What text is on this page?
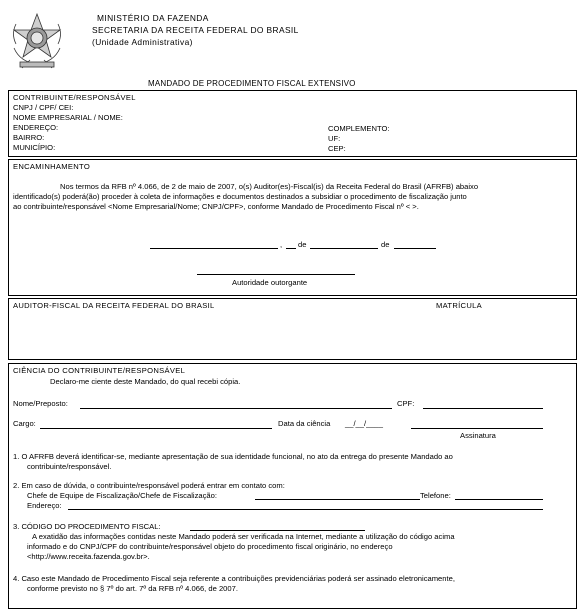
MINISTÉRIO DA FAZENDA
SECRETARIA DA RECEITA FEDERAL DO BRASIL
(Unidade Administrativa)
MANDADO DE PROCEDIMENTO FISCAL EXTENSIVO
CONTRIBUINTE/RESPONSÁVEL
CNPJ / CPF/ CEI:
NOME EMPRESARIAL / NOME:
ENDEREÇO:
BAIRRO:
MUNICÍPIO:
COMPLEMENTO:
UF:
CEP:
ENCAMINHAMENTO
Nos termos da RFB nº 4.066, de 2 de maio de 2007, o(s) Auditor(es)-Fiscal(is) da Receita Federal do Brasil (AFRFB) abaixo
identificado(s) poderá(ão) proceder à coleta de informações e documentos destinados a subsidiar o procedimento de fiscalização junto
ao contribuinte/responsável <Nome Empresarial/Nome; CNPJ/CPF>, conforme Mandado de Procedimento Fiscal nº < >.
, de	de
Autoridade outorgante
AUDITOR-FISCAL DA RECEITA FEDERAL DO BRASIL	MATRÍCULA
CIÊNCIA DO CONTRIBUINTE/RESPONSÁVEL
Declaro-me ciente deste Mandado, do qual recebi cópia.
Nome/Preposto:	CPF:
Cargo:	Data da ciência __/__/____
Assinatura
1. O AFRFB deverá identificar-se, mediante apresentação de sua identidade funcional, no ato da entrega do presente Mandado ao
contribuinte/responsável.
2. Em caso de dúvida, o contribuinte/responsável poderá entrar em contato com:
Chefe de Equipe de Fiscalização/Chefe de Fiscalização:	Telefone:
Endereço:
3. CÓDIGO DO PROCEDIMENTO FISCAL:
A exatidão das informações contidas neste Mandado poderá ser verificada na Internet, mediante a utilização do código acima
informado e do CNPJ/CPF do contribuinte/responsável objeto do procedimento fiscal originário, no endereço
<http://www.receita.fazenda.gov.br>.
4. Caso este Mandado de Procedimento Fiscal seja referente a contribuições previdenciárias poderá ser assinado eletronicamente,
conforme previsto no § 7º do art. 7º da RFB nº 4.066, de 2007.
